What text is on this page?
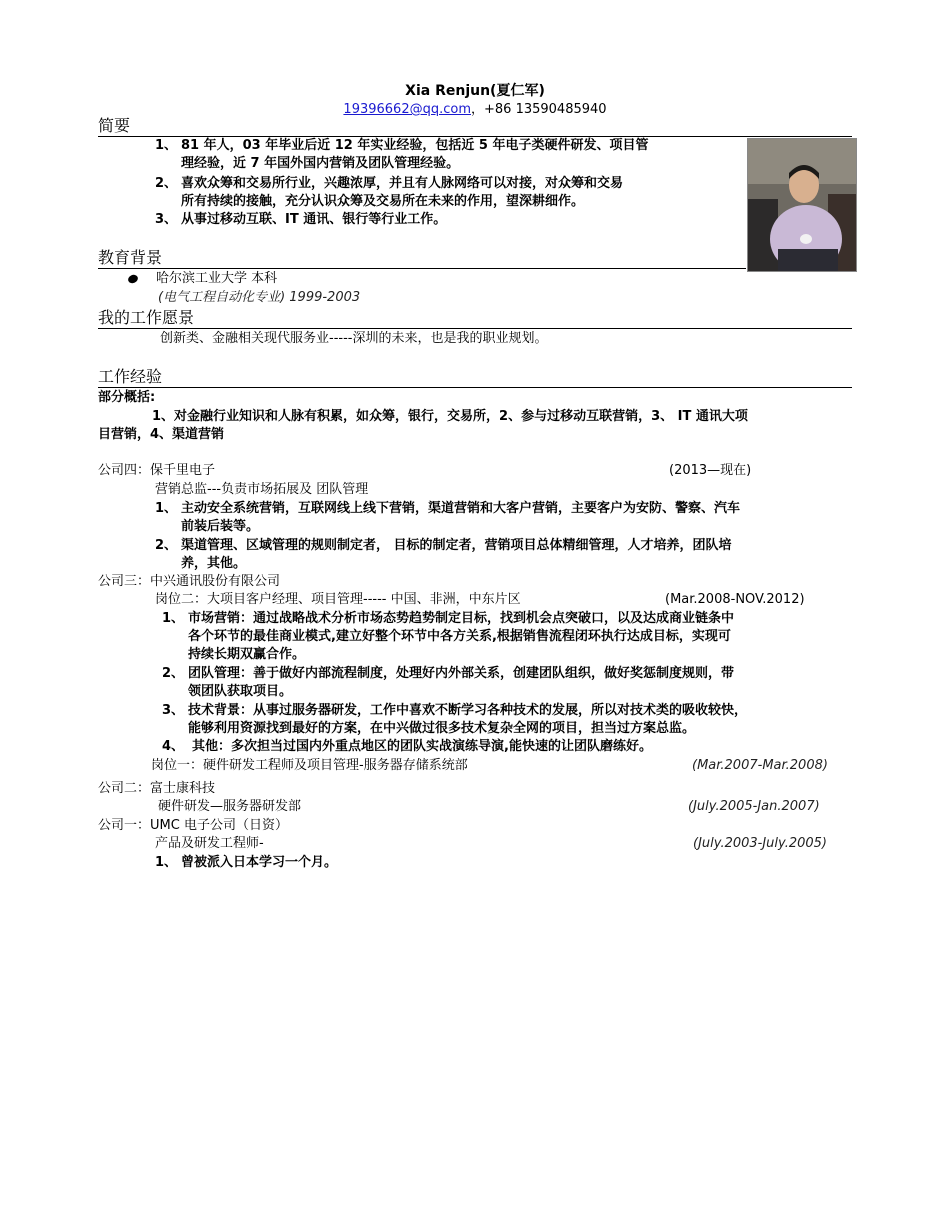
Xia Renjun(夏仁军)
19396662@qq.com，+86 13590485940
简要
1、 81 年人，03 年毕业后近 12 年实业经验，包括近 5 年电子类硬件研发、项目管
理经验，近 7 年国外国内营销及团队管理经验。
2、 喜欢众筹和交易所行业，兴趣浓厚，并且有人脉网络可以对接，对众筹和交易
所有持续的接触，充分认识众筹及交易所在未来的作用，望深耕细作。
3、 从事过移动互联、IT 通讯、银行等行业工作。
教育背景
哈尔滨工业大学 本科
(电气工程自动化专业) 1999-2003
我的工作愿景
创新类、金融相关现代服务业-----深圳的未来，也是我的职业规划。
工作经验
部分概括:
1、对金融行业知识和人脉有积累，如众筹，银行，交易所，2、参与过移动互联营销，3、 IT 通讯大项
目营销，4、渠道营销
公司四：保千里电子	(2013—现在)
营销总监---负责市场拓展及 团队管理
1、 主动安全系统营销，互联网线上线下营销，渠道营销和大客户营销，主要客户为安防、警察、汽车
前装后装等。
2、 渠道管理、区域管理的规则制定者， 目标的制定者，营销项目总体精细管理，人才培养，团队培
养，其他。
公司三：中兴通讯股份有限公司
岗位二：大项目客户经理、项目管理----- 中国、非洲，中东片区	(Mar.2008-NOV.2012)
1、 市场营销：通过战略战术分析市场态势趋势制定目标，找到机会点突破口，以及达成商业链条中
各个环节的最佳商业模式,建立好整个环节中各方关系,根据销售流程闭环执行达成目标，实现可
持续长期双赢合作。
2、 团队管理：善于做好内部流程制度，处理好内外部关系，创建团队组织，做好奖惩制度规则，带
领团队获取项目。
3、 技术背景：从事过服务器研发，工作中喜欢不断学习各种技术的发展，所以对技术类的吸收较快，
能够利用资源找到最好的方案，在中兴做过很多技术复杂全网的项目，担当过方案总监。
4、 其他：多次担当过国内外重点地区的团队实战演练导演,能快速的让团队磨练好。
岗位一：硬件研发工程师及项目管理-服务器存储系统部	(Mar.2007-Mar.2008)
公司二：富士康科技
硬件研发—服务器研发部	(July.2005-Jan.2007)
公司一：UMC 电子公司（日资）
产品及研发工程师-	(July.2003-July.2005)
1、 曾被派入日本学习一个月。
